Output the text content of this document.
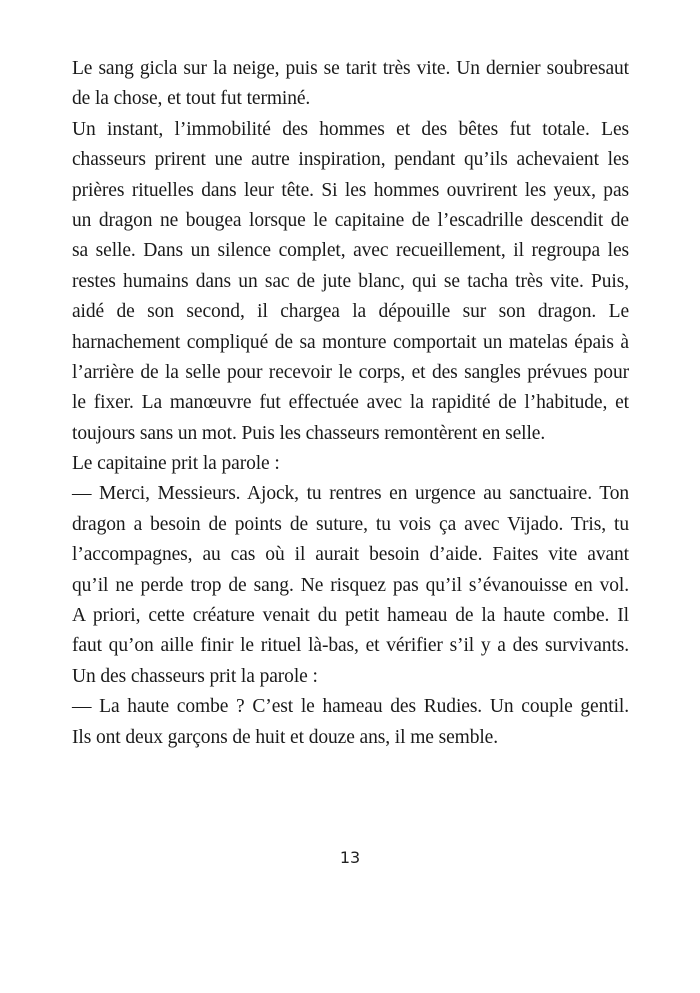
Le sang gicla sur la neige, puis se tarit très vite. Un dernier soubresaut
de la chose, et tout fut terminé.
Un instant, l’immobilité des hommes et des bêtes fut totale. Les
chasseurs prirent une autre inspiration, pendant qu’ils achevaient les
prières rituelles dans leur tête. Si les hommes ouvrirent les yeux, pas
un dragon ne bougea lorsque le capitaine de l’escadrille descendit de
sa selle. Dans un silence complet, avec recueillement, il regroupa les
restes humains dans un sac de jute blanc, qui se tacha très vite. Puis,
aidé de son second, il chargea la dépouille sur son dragon. Le
harnachement compliqué de sa monture comportait un matelas épais à
l’arrière de la selle pour recevoir le corps, et des sangles prévues pour
le fixer. La manœuvre fut effectuée avec la rapidité de l’habitude, et
toujours sans un mot. Puis les chasseurs remontèrent en selle.
Le capitaine prit la parole :
— Merci, Messieurs. Ajock, tu rentres en urgence au sanctuaire. Ton
dragon a besoin de points de suture, tu vois ça avec Vijado. Tris, tu
l’accompagnes, au cas où il aurait besoin d’aide. Faites vite avant
qu’il ne perde trop de sang. Ne risquez pas qu’il s’évanouisse en vol.
A priori, cette créature venait du petit hameau de la haute combe. Il
faut qu’on aille finir le rituel là-bas, et vérifier s’il y a des survivants.
Un des chasseurs prit la parole :
— La haute combe ? C’est le hameau des Rudies. Un couple gentil.
Ils ont deux garçons de huit et douze ans, il me semble.
13
